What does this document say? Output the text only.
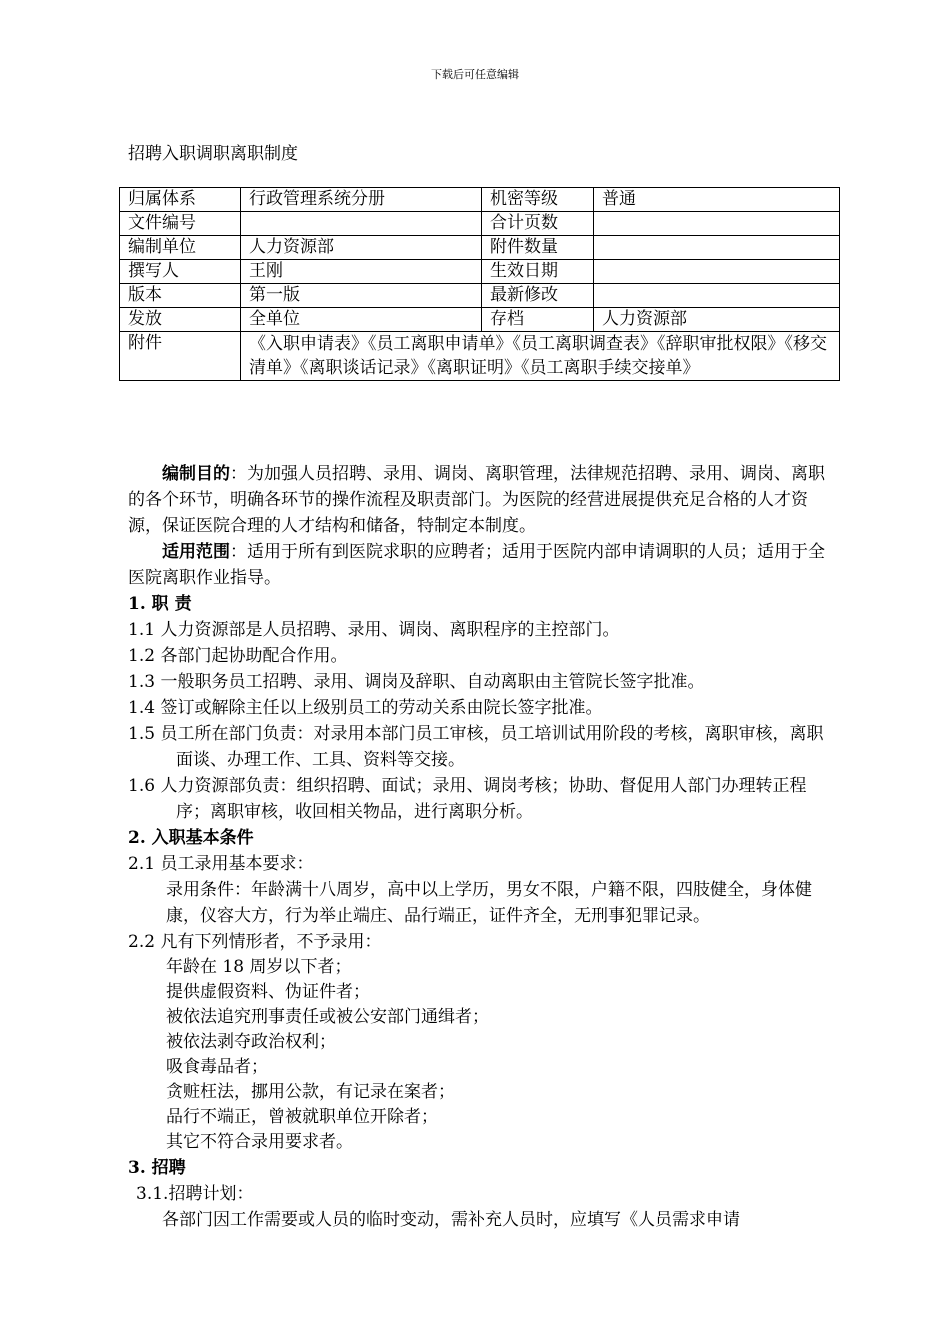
下载后可任意编辑
招聘入职调职离职制度
归属体系	行政管理系统分册	机密等级	普通
文件编号		合计页数	
编制单位	人力资源部	附件数量	
撰写人	王刚	生效日期	
版本	第一版	最新修改	
发放	全单位	存档	人力资源部
附件	《入职申请表》《员工离职申请单》《员工离职调查表》《辞职审批权限》《移交清单》《离职谈话记录》《离职证明》《员工离职手续交接单》		

编制目的：为加强人员招聘、录用、调岗、离职管理，法律规范招聘、录用、调岗、离职的各个环节，明确各环节的操作流程及职责部门。为医院的经营进展提供充足合格的人才资源，保证医院合理的人才结构和储备，特制定本制度。

适用范围：适用于所有到医院求职的应聘者；适用于医院内部申请调职的人员；适用于全医院离职作业指导。

1. 职 责

1.1 人力资源部是人员招聘、录用、调岗、离职程序的主控部门。

1.2 各部门起协助配合作用。

1.3 一般职务员工招聘、录用、调岗及辞职、自动离职由主管院长签字批准。

1.4 签订或解除主任以上级别员工的劳动关系由院长签字批准。

1.5 员工所在部门负责：对录用本部门员工审核，员工培训试用阶段的考核，离职审核，离职面谈、办理工作、工具、资料等交接。

1.6 人力资源部负责：组织招聘、面试；录用、调岗考核；协助、督促用人部门办理转正程序；离职审核，收回相关物品，进行离职分析。

2. 入职基本条件

2.1 员工录用基本要求：

录用条件：年龄满十八周岁，高中以上学历，男女不限，户籍不限，四肢健全，身体健康，仪容大方，行为举止端庄、品行端正，证件齐全，无刑事犯罪记录。

2.2 凡有下列情形者，不予录用：

年龄在 18 周岁以下者；

提供虚假资料、伪证件者；

被依法追究刑事责任或被公安部门通缉者；

被依法剥夺政治权利；

吸食毒品者；

贪赃枉法，挪用公款，有记录在案者；

品行不端正，曾被就职单位开除者；

其它不符合录用要求者。

3. 招聘

3.1.招聘计划：

各部门因工作需要或人员的临时变动，需补充人员时，应填写《人员需求申请
